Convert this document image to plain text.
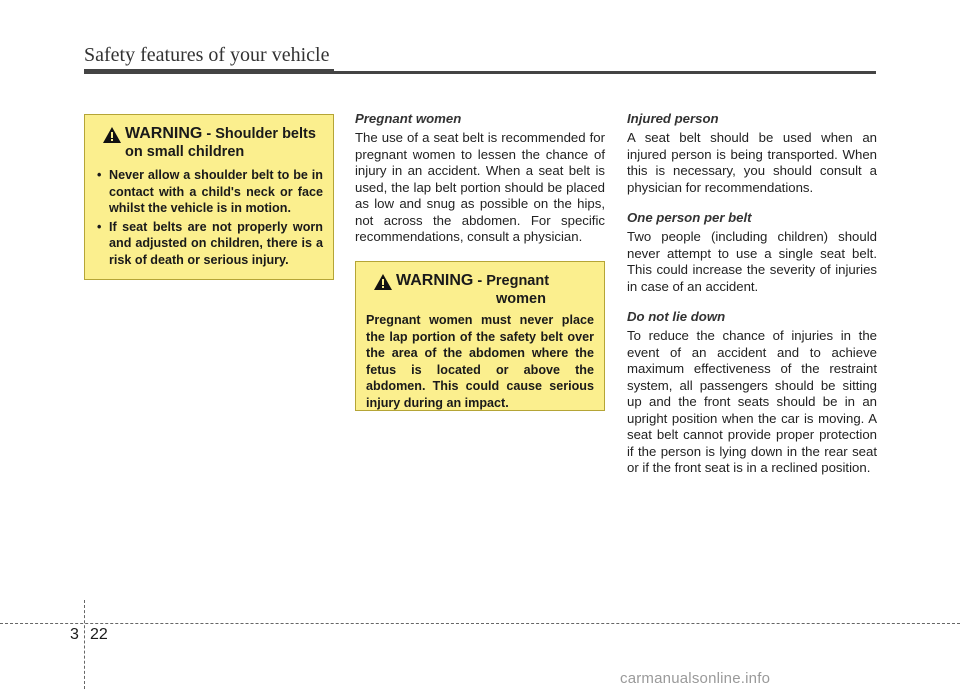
Safety features of your vehicle
WARNING - Shoulder belts
on small children
• Never allow a shoulder belt to be in contact with a child's neck or face whilst the vehicle is in motion.
• If seat belts are not properly worn and adjusted on children, there is a risk of death or serious injury.
Pregnant women
The use of a seat belt is recommended for pregnant women to lessen the chance of injury in an accident. When a seat belt is used, the lap belt portion should be placed as low and snug as possible on the hips, not across the abdomen. For specific recommendations, consult a physician.
WARNING - Pregnant
women
Pregnant women must never place the lap portion of the safety belt over the area of the abdomen where the fetus is located or above the abdomen. This could cause serious injury during an impact.
Injured person
A seat belt should be used when an injured person is being transported. When this is necessary, you should consult a physician for recommendations.
One person per belt
Two people (including children) should never attempt to use a single seat belt. This could increase the severity of injuries in case of an accident.
Do not lie down
To reduce the chance of injuries in the event of an accident and to achieve maximum effectiveness of the restraint system, all passengers should be sitting up and the front seats should be in an upright position when the car is moving. A seat belt cannot provide proper protection if the person is lying down in the rear seat or if the front seat is in a reclined position.
3 22
carmanualsonline.info
